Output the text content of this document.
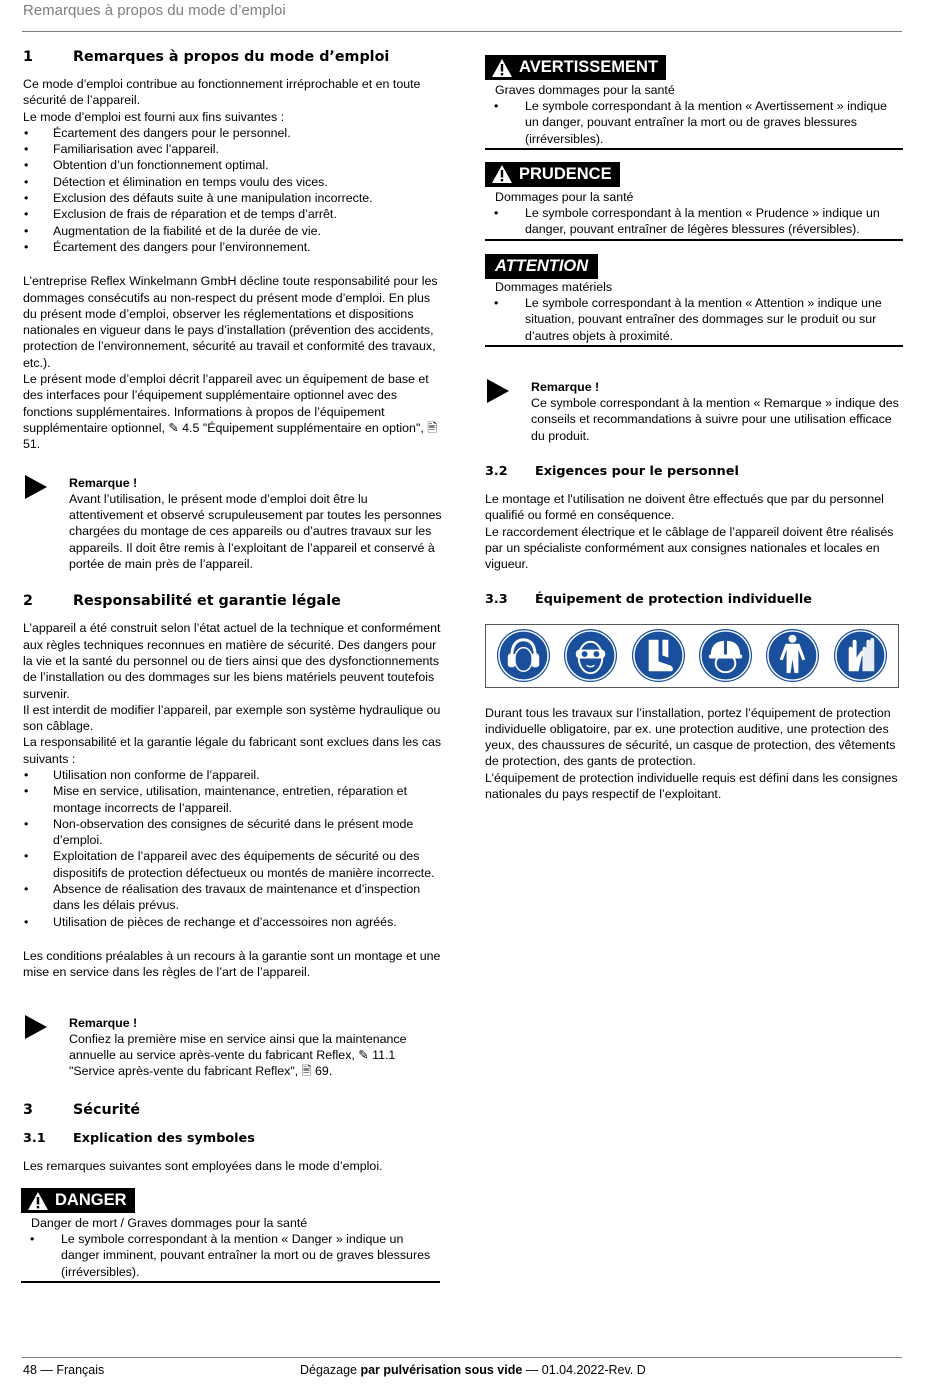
Remarques à propos du mode d’emploi
1	Remarques à propos du mode d’emploi

Ce mode d’emploi contribue au fonctionnement irréprochable et en toute sécurité de l’appareil.

Le mode d’emploi est fourni aux fins suivantes :

• Écartement des dangers pour le personnel.
• Familiarisation avec l’appareil.
• Obtention d’un fonctionnement optimal.
• Détection et élimination en temps voulu des vices.
• Exclusion des défauts suite à une manipulation incorrecte.
• Exclusion de frais de réparation et de temps d’arrêt.
• Augmentation de la fiabilité et de la durée de vie.
• Écartement des dangers pour l’environnement.

L’entreprise Reflex Winkelmann GmbH décline toute responsabilité pour les dommages consécutifs au non-respect du présent mode d’emploi. En plus du présent mode d’emploi, observer les réglementations et dispositions nationales en vigueur dans le pays d’installation (prévention des accidents, protection de l’environnement, sécurité au travail et conformité des travaux, etc.).

Le présent mode d’emploi décrit l’appareil avec un équipement de base et des interfaces pour l’équipement supplémentaire optionnel avec des fonctions supplémentaires. Informations à propos de l’équipement supplémentaire optionnel, ✎ 4.5 "Équipement supplémentaire en option", 🖹 51.

Remarque !

Avant l’utilisation, le présent mode d’emploi doit être lu attentivement et observé scrupuleusement par toutes les personnes chargées du montage de ces appareils ou d’autres travaux sur les appareils. Il doit être remis à l’exploitant de l’appareil et conservé à portée de main près de l’appareil.

2	Responsabilité et garantie légale

L’appareil a été construit selon l’état actuel de la technique et conformément aux règles techniques reconnues en matière de sécurité. Des dangers pour la vie et la santé du personnel ou de tiers ainsi que des dysfonctionnements de l’installation ou des dommages sur les biens matériels peuvent toutefois survenir.

Il est interdit de modifier l’appareil, par exemple son système hydraulique ou son câblage.

La responsabilité et la garantie légale du fabricant sont exclues dans les cas suivants :

• Utilisation non conforme de l’appareil.
• Mise en service, utilisation, maintenance, entretien, réparation et montage incorrects de l’appareil.
• Non-observation des consignes de sécurité dans le présent mode d’emploi.
• Exploitation de l’appareil avec des équipements de sécurité ou des dispositifs de protection défectueux ou montés de manière incorrecte.
• Absence de réalisation des travaux de maintenance et d’inspection dans les délais prévus.
• Utilisation de pièces de rechange et d’accessoires non agréés.

Les conditions préalables à un recours à la garantie sont un montage et une mise en service dans les règles de l’art de l’appareil.

Remarque !

Confiez la première mise en service ainsi que la maintenance annuelle au service après-vente du fabricant Reflex, ✎ 11.1 "Service après-vente du fabricant Reflex", 🖹 69.

3	Sécurité
3.1 Explication des symboles

Les remarques suivantes sont employées dans le mode d’emploi.

DANGER

Danger de mort / Graves dommages pour la santé

• Le symbole correspondant à la mention « Danger » indique un danger imminent, pouvant entraîner la mort ou de graves blessures (irréversibles).
AVERTISSEMENT

Graves dommages pour la santé

• Le symbole correspondant à la mention « Avertissement » indique un danger, pouvant entraîner la mort ou de graves blessures (irréversibles).
PRUDENCE

Dommages pour la santé

• Le symbole correspondant à la mention « Prudence » indique un danger, pouvant entraîner de légères blessures (réversibles).
ATTENTION

Dommages matériels

• Le symbole correspondant à la mention « Attention » indique une situation, pouvant entraîner des dommages sur le produit ou sur d’autres objets à proximité.

Remarque !

Ce symbole correspondant à la mention « Remarque » indique des conseils et recommandations à suivre pour une utilisation efficace du produit.

3.2 Exigences pour le personnel

Le montage et l'utilisation ne doivent être effectués que par du personnel qualifié ou formé en conséquence.

Le raccordement électrique et le câblage de l’appareil doivent être réalisés par un spécialiste conformément aux consignes nationales et locales en vigueur.

3.3 Équipement de protection individuelle

Durant tous les travaux sur l’installation, portez l’équipement de protection individuelle obligatoire, par ex. une protection auditive, une protection des yeux, des chaussures de sécurité, un casque de protection, des vêtements de protection, des gants de protection.

L’équipement de protection individuelle requis est défini dans les consignes nationales du pays respectif de l’exploitant.

48 — Français	Dégazage par pulvérisation sous vide — 01.04.2022-Rev. D
